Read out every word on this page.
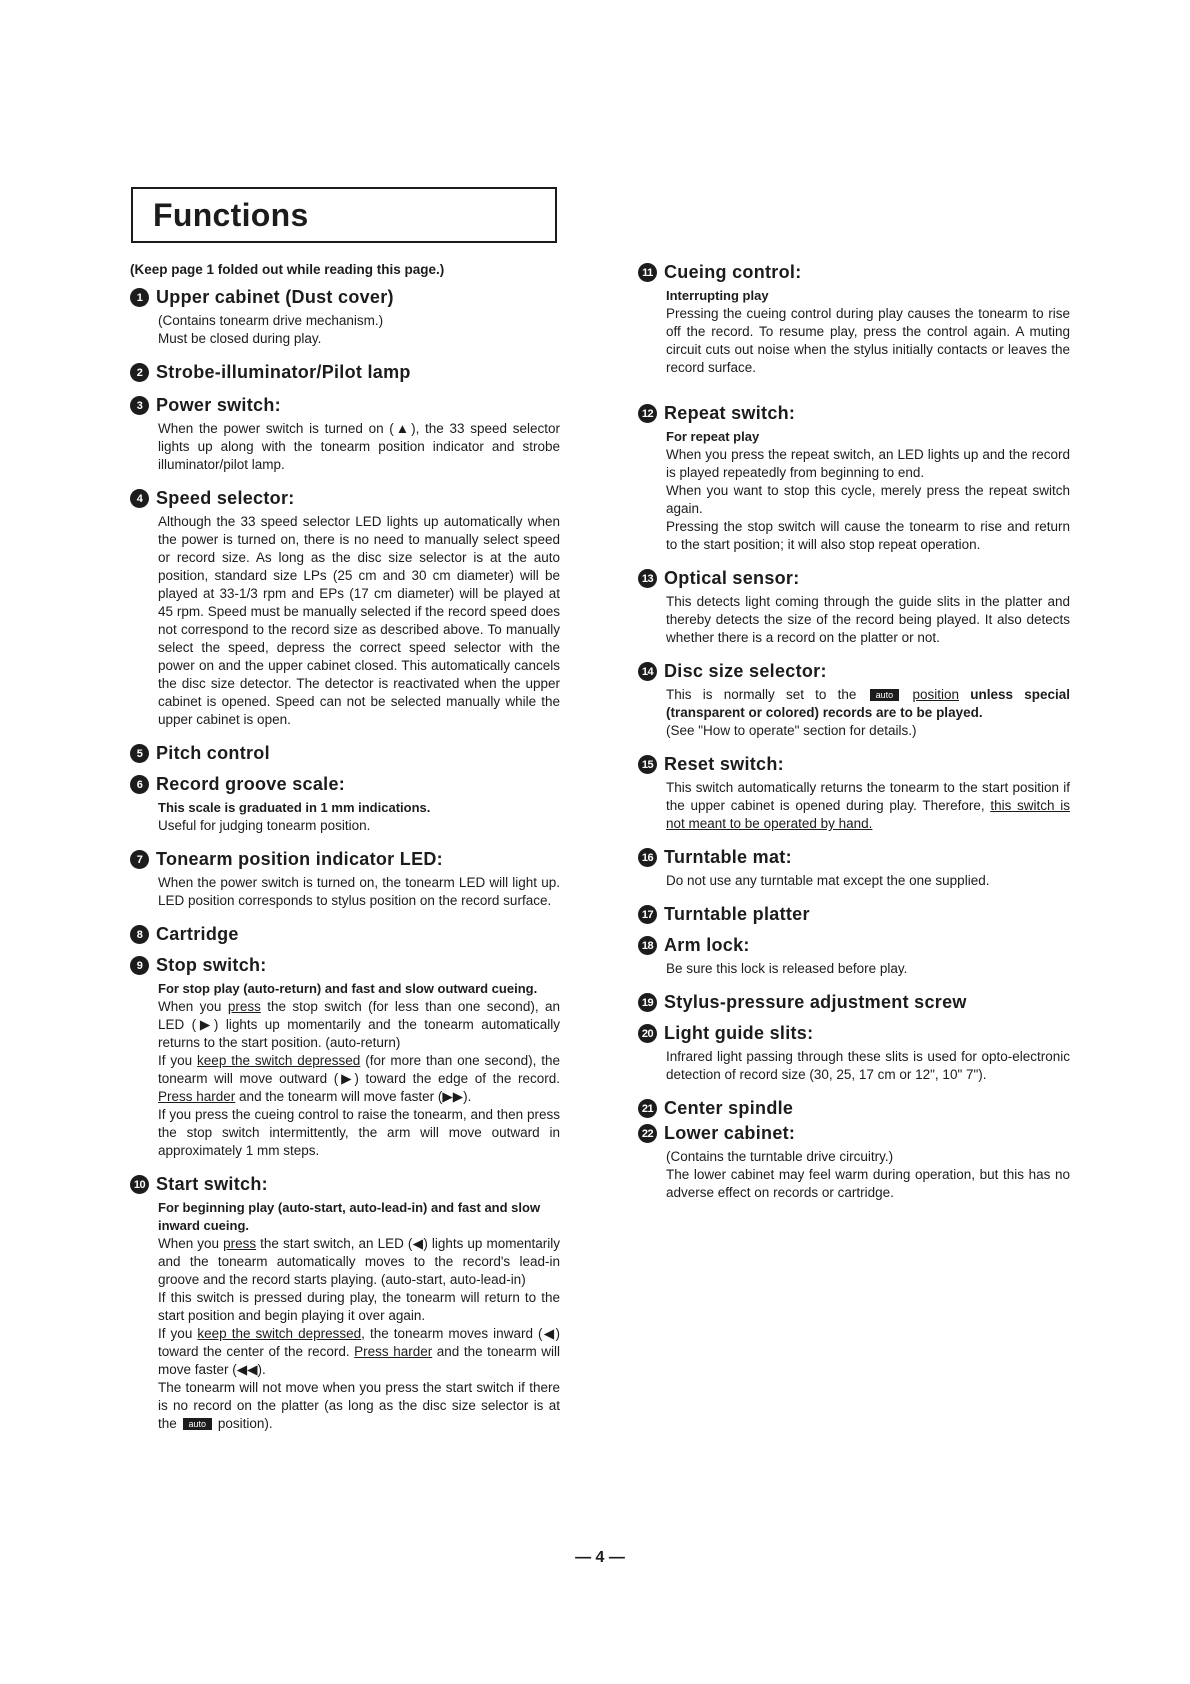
Functions
(Keep page 1 folded out while reading this page.)
1 Upper cabinet (Dust cover)
(Contains tonearm drive mechanism.)
Must be closed during play.
2 Strobe-illuminator/Pilot lamp
3 Power switch:
When the power switch is turned on (▲), the 33 speed selector lights up along with the tonearm position indicator and strobe illuminator/pilot lamp.
4 Speed selector:
Although the 33 speed selector LED lights up automatically when the power is turned on, there is no need to manually select speed or record size. As long as the disc size selector is at the auto position, standard size LPs (25 cm and 30 cm diameter) will be played at 33-1/3 rpm and EPs (17 cm diameter) will be played at 45 rpm. Speed must be manually selected if the record speed does not correspond to the record size as described above. To manually select the speed, depress the correct speed selector with the power on and the upper cabinet closed. This automatically cancels the disc size detector. The detector is reactivated when the upper cabinet is opened. Speed can not be selected manually while the upper cabinet is open.
5 Pitch control
6 Record groove scale:
This scale is graduated in 1 mm indications.
Useful for judging tonearm position.
7 Tonearm position indicator LED:
When the power switch is turned on, the tonearm LED will light up. LED position corresponds to stylus position on the record surface.
8 Cartridge
9 Stop switch:
For stop play (auto-return) and fast and slow outward cueing.
When you press the stop switch (for less than one second), an LED (▶) lights up momentarily and the tonearm automatically returns to the start position. (auto-return)
If you keep the switch depressed (for more than one second), the tonearm will move outward (▶) toward the edge of the record. Press harder and the tonearm will move faster (▶▶).
If you press the cueing control to raise the tonearm, and then press the stop switch intermittently, the arm will move outward in approximately 1 mm steps.
10 Start switch:
For beginning play (auto-start, auto-lead-in) and fast and slow inward cueing.
When you press the start switch, an LED (◀) lights up momentarily and the tonearm automatically moves to the record's lead-in groove and the record starts playing. (auto-start, auto-lead-in)
If this switch is pressed during play, the tonearm will return to the start position and begin playing it over again.
If you keep the switch depressed, the tonearm moves inward (◀) toward the center of the record. Press harder and the tonearm will move faster (◀◀).
The tonearm will not move when you press the start switch if there is no record on the platter (as long as the disc size selector is at the auto position).
11 Cueing control:
Interrupting play
Pressing the cueing control during play causes the tonearm to rise off the record. To resume play, press the control again. A muting circuit cuts out noise when the stylus initially contacts or leaves the record surface.
12 Repeat switch:
For repeat play
When you press the repeat switch, an LED lights up and the record is played repeatedly from beginning to end.
When you want to stop this cycle, merely press the repeat switch again.
Pressing the stop switch will cause the tonearm to rise and return to the start position; it will also stop repeat operation.
13 Optical sensor:
This detects light coming through the guide slits in the platter and thereby detects the size of the record being played. It also detects whether there is a record on the platter or not.
14 Disc size selector:
This is normally set to the auto position unless special (transparent or colored) records are to be played.
(See "How to operate" section for details.)
15 Reset switch:
This switch automatically returns the tonearm to the start position if the upper cabinet is opened during play. Therefore, this switch is not meant to be operated by hand.
16 Turntable mat:
Do not use any turntable mat except the one supplied.
17 Turntable platter
18 Arm lock:
Be sure this lock is released before play.
19 Stylus-pressure adjustment screw
20 Light guide slits:
Infrared light passing through these slits is used for opto-electronic detection of record size (30, 25, 17 cm or 12", 10" 7").
21 Center spindle
22 Lower cabinet:
(Contains the turntable drive circuitry.)
The lower cabinet may feel warm during operation, but this has no adverse effect on records or cartridge.
— 4 —
